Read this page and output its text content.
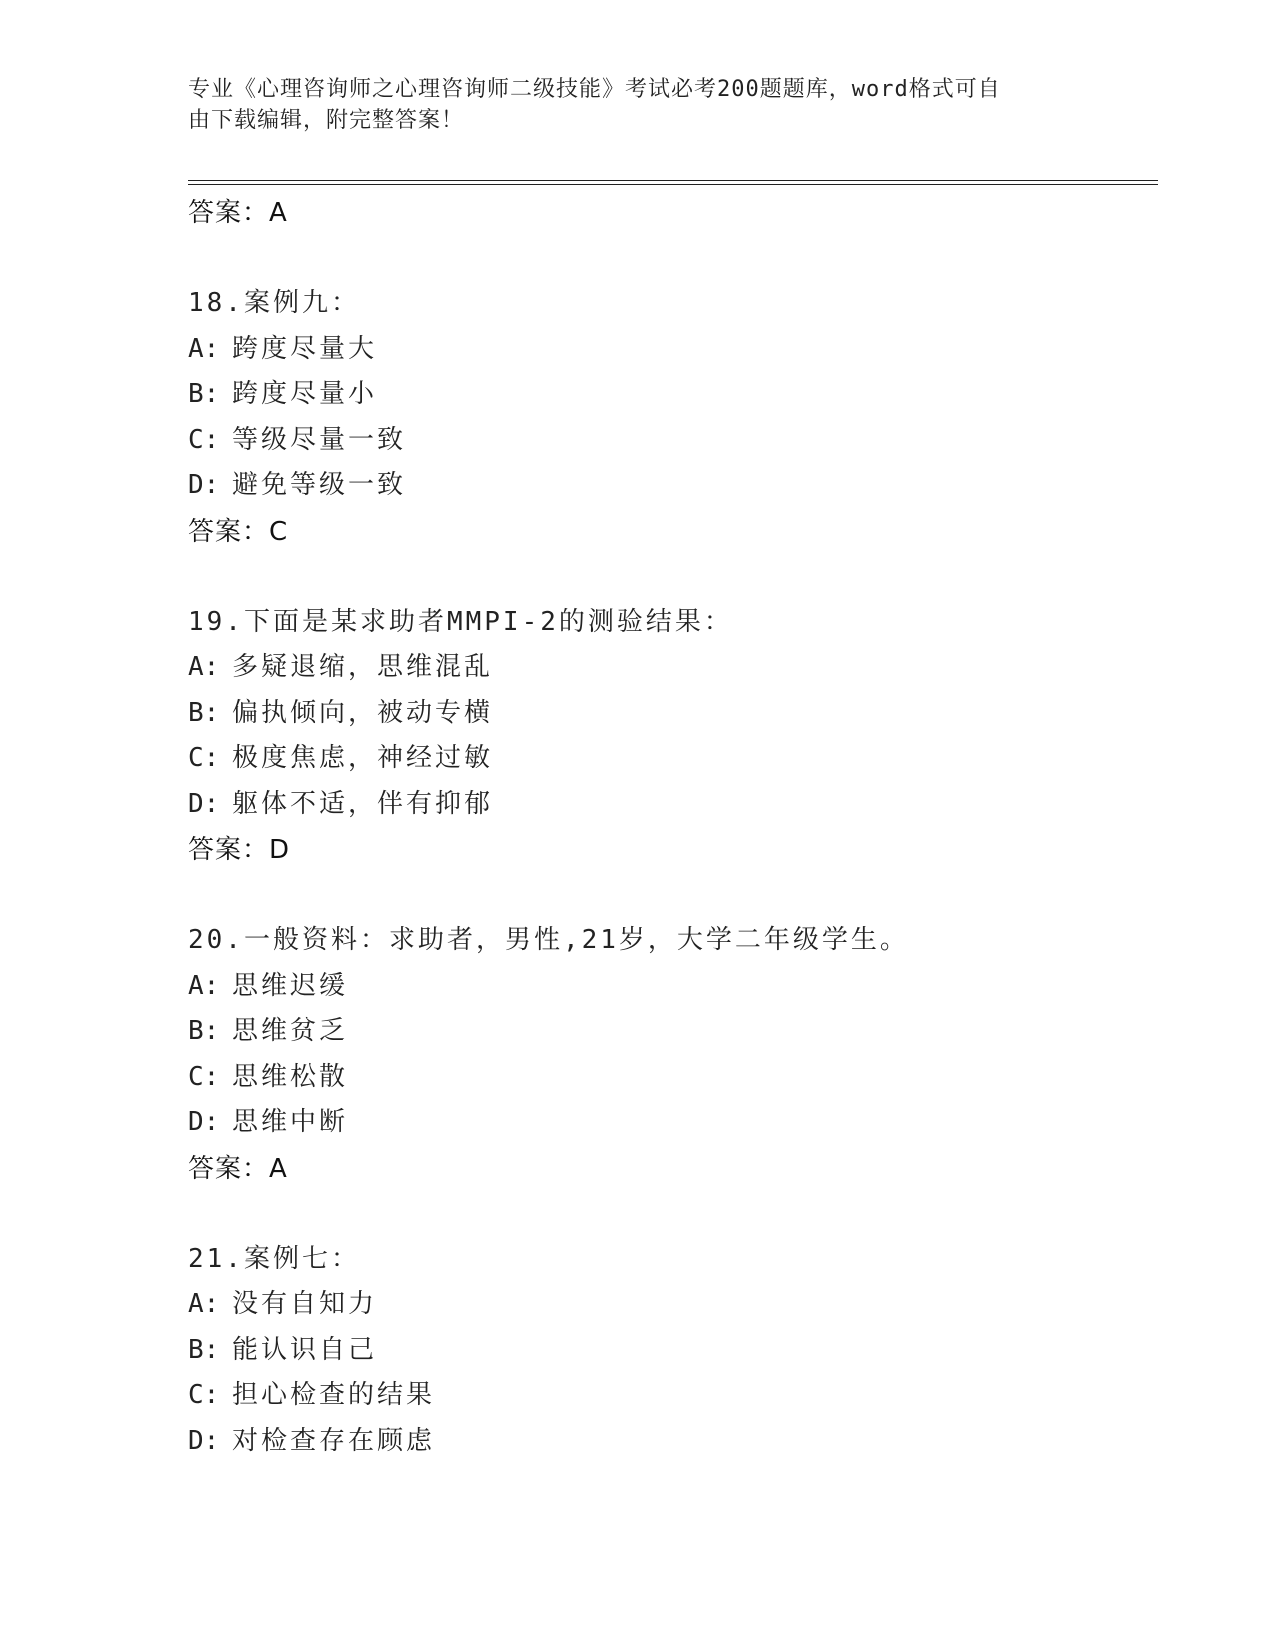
专业《心理咨询师之心理咨询师二级技能》考试必考200题题库，word格式可自
由下载编辑，附完整答案！
答案：A
18.案例九：
A: 跨度尽量大
B: 跨度尽量小
C: 等级尽量一致
D: 避免等级一致
答案：C
19.下面是某求助者MMPI-2的测验结果：
A: 多疑退缩，思维混乱
B: 偏执倾向，被动专横
C: 极度焦虑，神经过敏
D: 躯体不适，伴有抑郁
答案：D
20.一般资料：求助者，男性,21岁，大学二年级学生。
A: 思维迟缓
B: 思维贫乏
C: 思维松散
D: 思维中断
答案：A
21.案例七：
A: 没有自知力
B: 能认识自己
C: 担心检查的结果
D: 对检查存在顾虑
